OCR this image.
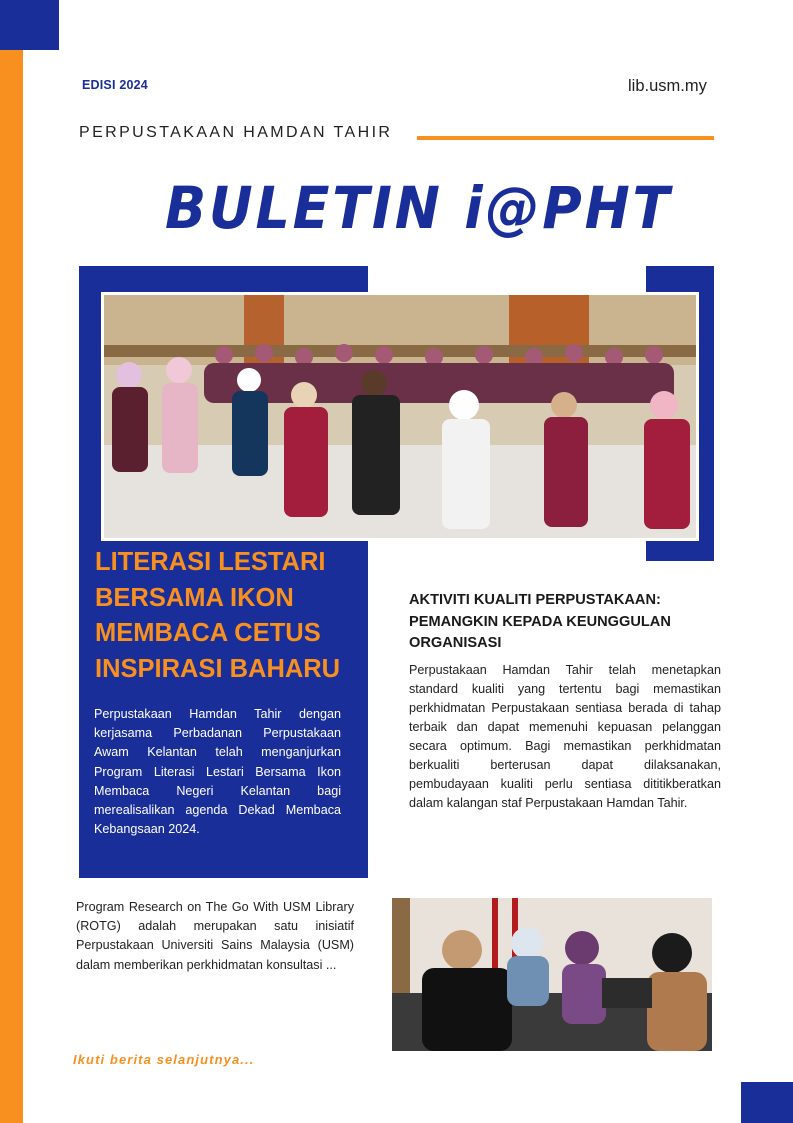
EDISI 2024	lib.usm.my
PERPUSTAKAAN HAMDAN TAHIR
BULETIN i@PHT
LITERASI LESTARI BERSAMA IKON MEMBACA CETUS INSPIRASI BAHARU
Perpustakaan Hamdan Tahir dengan kerjasama Perbadanan Perpustakaan Awam Kelantan telah menganjurkan Program Literasi Lestari Bersama Ikon Membaca Negeri Kelantan bagi merealisalikan agenda Dekad Membaca Kebangsaan 2024.
AKTIVITI KUALITI PERPUSTAKAAN: PEMANGKIN KEPADA KEUNGGULAN ORGANISASI
Perpustakaan Hamdan Tahir telah menetapkan standard kualiti yang tertentu bagi memastikan perkhidmatan Perpustakaan sentiasa berada di tahap terbaik dan dapat memenuhi kepuasan pelanggan secara optimum. Bagi memastikan perkhidmatan berkualiti berterusan dapat dilaksanakan, pembudayaan kualiti perlu sentiasa dititikberatkan dalam kalangan staf Perpustakaan Hamdan Tahir.
Program Research on The Go With USM Library (ROTG) adalah merupakan satu inisiatif Perpustakaan Universiti Sains Malaysia (USM) dalam memberikan perkhidmatan konsultasi ...
Ikuti berita selanjutnya...
